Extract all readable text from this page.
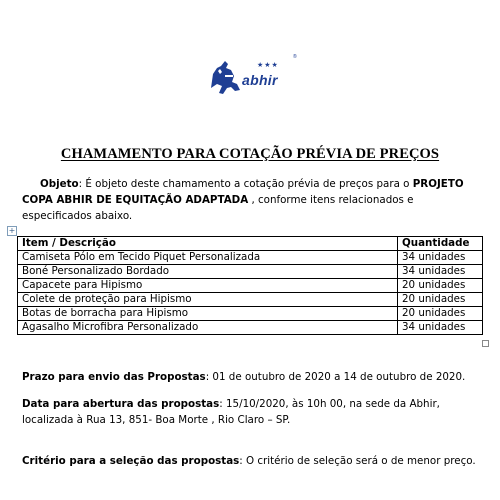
★★★
abhir
®
CHAMAMENTO PARA COTAÇÃO PRÉVIA DE PREÇOS
Objeto: É objeto deste chamamento a cotação prévia de preços para o PROJETO COPA ABHIR DE EQUITAÇÃO ADAPTADA , conforme itens relacionados e especificados abaixo.
+
Item / Descrição	Quantidade
Camiseta Pólo em Tecido Piquet Personalizada	34 unidades
Boné Personalizado Bordado	34 unidades
Capacete para Hipismo	20 unidades
Colete de proteção para Hipismo	20 unidades
Botas de borracha para Hipismo	20 unidades
Agasalho Microfibra Personalizado	34 unidades
Prazo para envio das Propostas: 01 de outubro de 2020 a 14 de outubro de 2020.
Data para abertura das propostas: 15/10/2020, às 10h 00, na sede da Abhir, localizada à Rua 13, 851- Boa Morte , Rio Claro – SP.
Critério para a seleção das propostas: O critério de seleção será o de menor preço.
